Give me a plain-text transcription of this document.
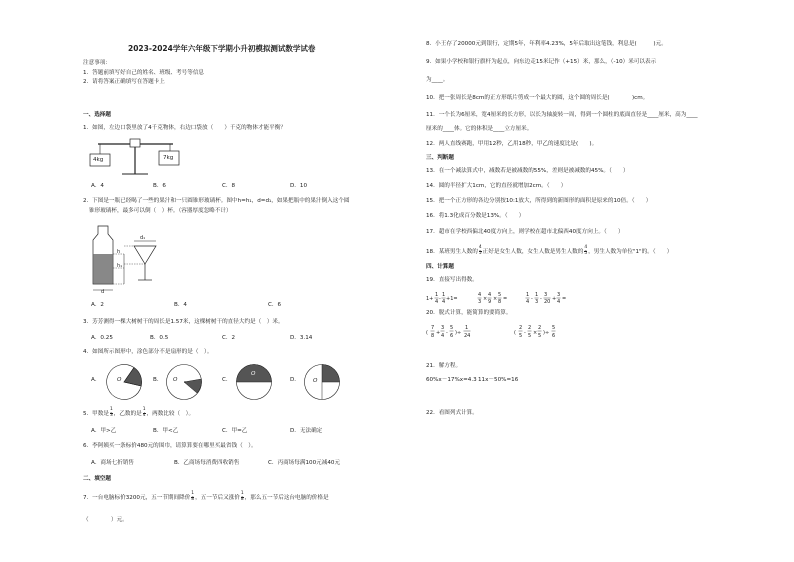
2023-2024学年六年级下学期小升初模拟测试数学试卷
注意事项：
1．答题前填写好自己的姓名、班级、考号等信息
2．请将答案正确填写在答题卡上
一、选择题
1．如图，左边口袋里放了4千克物体，右边口袋放（　　）千克的物体才能平衡？
4kg	7kg
A．4	B．6	C．8	D．10
2．下图是一瓶已经喝了一些的果汁和一只圆锥形玻璃杯。图中h=h₁，d=d₁，如果把瓶中的果汁倒入这个圆
锥形玻璃杯，最多可以倒（　）杯。（容器厚度忽略不计）
d₁
h
h₁
d
A．2	B．4	C．6
3．芳芳测得一棵大树树干的周长是1.57米，这棵树树干的直径大约是（　）米。
A．0.25	B．0.5	C．2	D．3.14
4．如图所示图形中，涂色部分不是扇形的是（　）。
A．	O	B． O	C．
O
D． O
5．甲数是 $\frac{1}{3}$ ，乙数的是 $\frac{1}{4}$ ，两数比较（　）。
A．甲>乙	B．甲<乙	C．甲=乙	D．无法确定
6．李阿姨买一条标价480元的围巾，请算算要在哪里买最省钱（　）。
A．商场七折销售	B．乙商场每消费四收销售	C．丙商场每满100元减40元
二、填空题
7．一台电脑标价3200元，五一节期间降价 $\frac{1}{8}$ ，五一节后又涨价 $\frac{1}{8}$ ，那么五一节后这台电脑的价格是
（　　　　）元。
8．小王存了20000元到银行，定期5年，年利率4.23%，5年后取出这笔钱，利息是(　　　)元。
9．如果小学校和银行旗杆为起点，向东边走15米记作（+15）米，那么，（-10）米可以表示
为____。
10．把一张周长是8cm的正方形纸片剪成一个最大的圆，这个圆的周长是(　　　　)cm。
11．一个长为6厘米，宽4厘米的长方形，以长为轴旋转一周，得到一个圆柱的底面直径是____厘米，高为____
厘米的____体。它的体积是____立方厘米。
12．两人直线赛跑，甲用12秒，乙用18秒，甲乙的速度比是(　　)。
三、判断题
13．在一个减法算式中，减数若是被减数的55%，差则是被减数的45%。（　　）
14．圆的半径扩大1cm，它的直径就增加2cm。（　　）
15．把一个正方形的各边分别按10:1放大，所得到的新图形的面积是原来的10倍。（　　）
16．将1.3化成百分数是13%。（　　）
17．超市在学校西偏北40度方向上，则学校在超市北偏西40度方向上。（　　）
18．某班男生人数的 $\frac{4}{5}$ 正好是女生人数，女生人数是男生人数的 $\frac{4}{5}$ ，男生人数为单位"1"的。（　　）
四、计算题
19．直接写出得数。
1+
1
4 -
1
4 +1=
4
3 ×
4
9 ×
5
8 =
1
4 -
1
3 -
3
20 +
3
4 =
20．脱式计算，能简算的要简算。
(
7
8 +
3
4 -
5
6 )÷
1
24	(
2
5 -
2
5 ×
2
5 )÷
5
6
21．解方程。
60%x－17%x=4.3 11x－50%=16
22．看图列式计算。
